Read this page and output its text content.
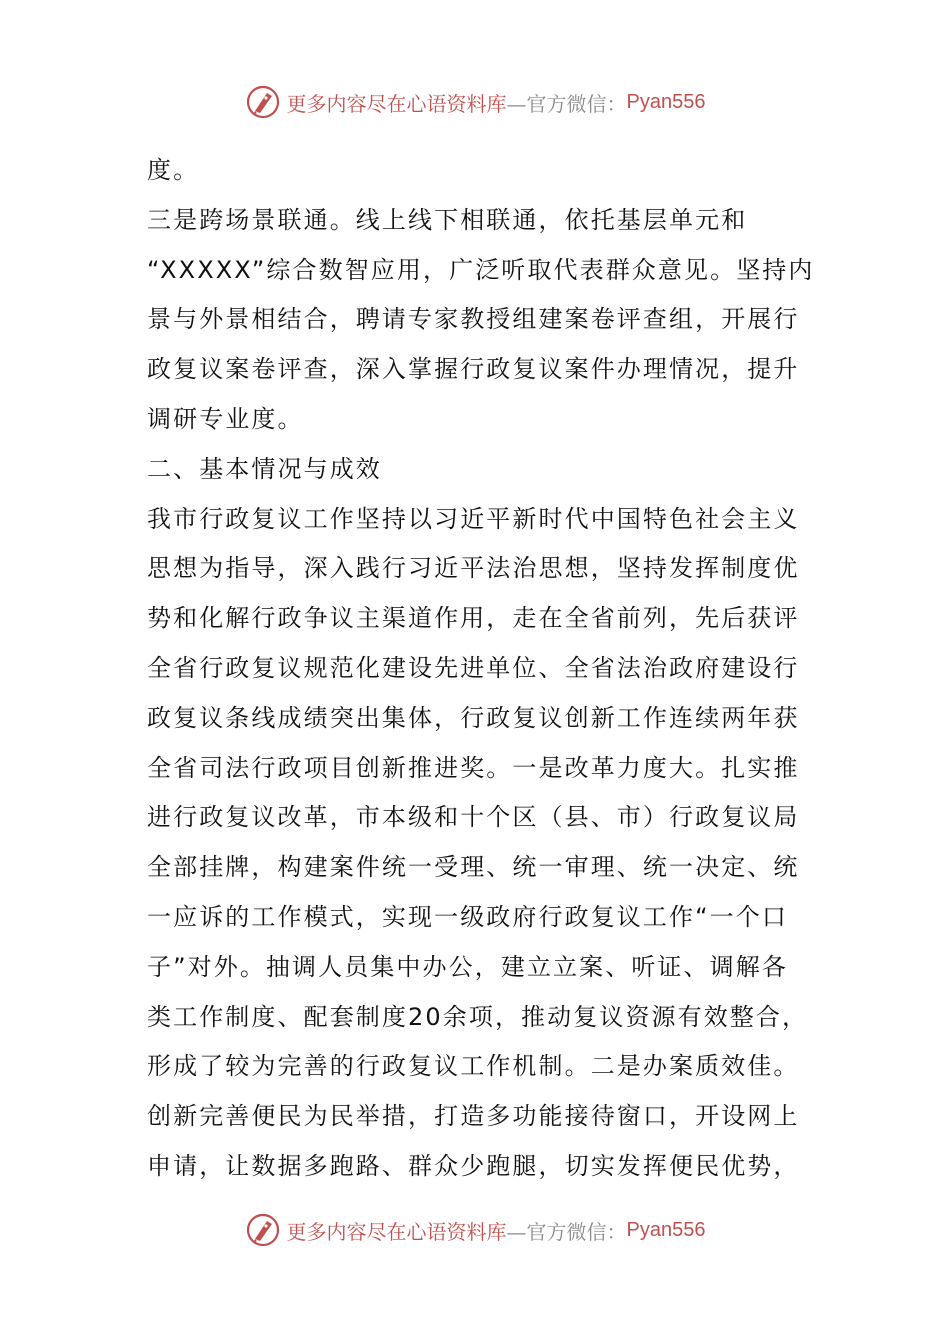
更多内容尽在心语资料库 —官方微信： Pyan556
度。
三是跨场景联通。线上线下相联通，依托基层单元和
“XXXXX”综合数智应用，广泛听取代表群众意见。坚持内
景与外景相结合，聘请专家教授组建案卷评查组，开展行
政复议案卷评查，深入掌握行政复议案件办理情况，提升
调研专业度。
二、基本情况与成效
我市行政复议工作坚持以习近平新时代中国特色社会主义
思想为指导，深入践行习近平法治思想，坚持发挥制度优
势和化解行政争议主渠道作用，走在全省前列，先后获评
全省行政复议规范化建设先进单位、全省法治政府建设行
政复议条线成绩突出集体，行政复议创新工作连续两年获
全省司法行政项目创新推进奖。一是改革力度大。扎实推
进行政复议改革，市本级和十个区（县、市）行政复议局
全部挂牌，构建案件统一受理、统一审理、统一决定、统
一应诉的工作模式，实现一级政府行政复议工作“一个口
子”对外。抽调人员集中办公，建立立案、听证、调解各
类工作制度、配套制度20余项，推动复议资源有效整合，
形成了较为完善的行政复议工作机制。二是办案质效佳。
创新完善便民为民举措，打造多功能接待窗口，开设网上
申请，让数据多跑路、群众少跑腿，切实发挥便民优势，
更多内容尽在心语资料库 —官方微信： Pyan556
